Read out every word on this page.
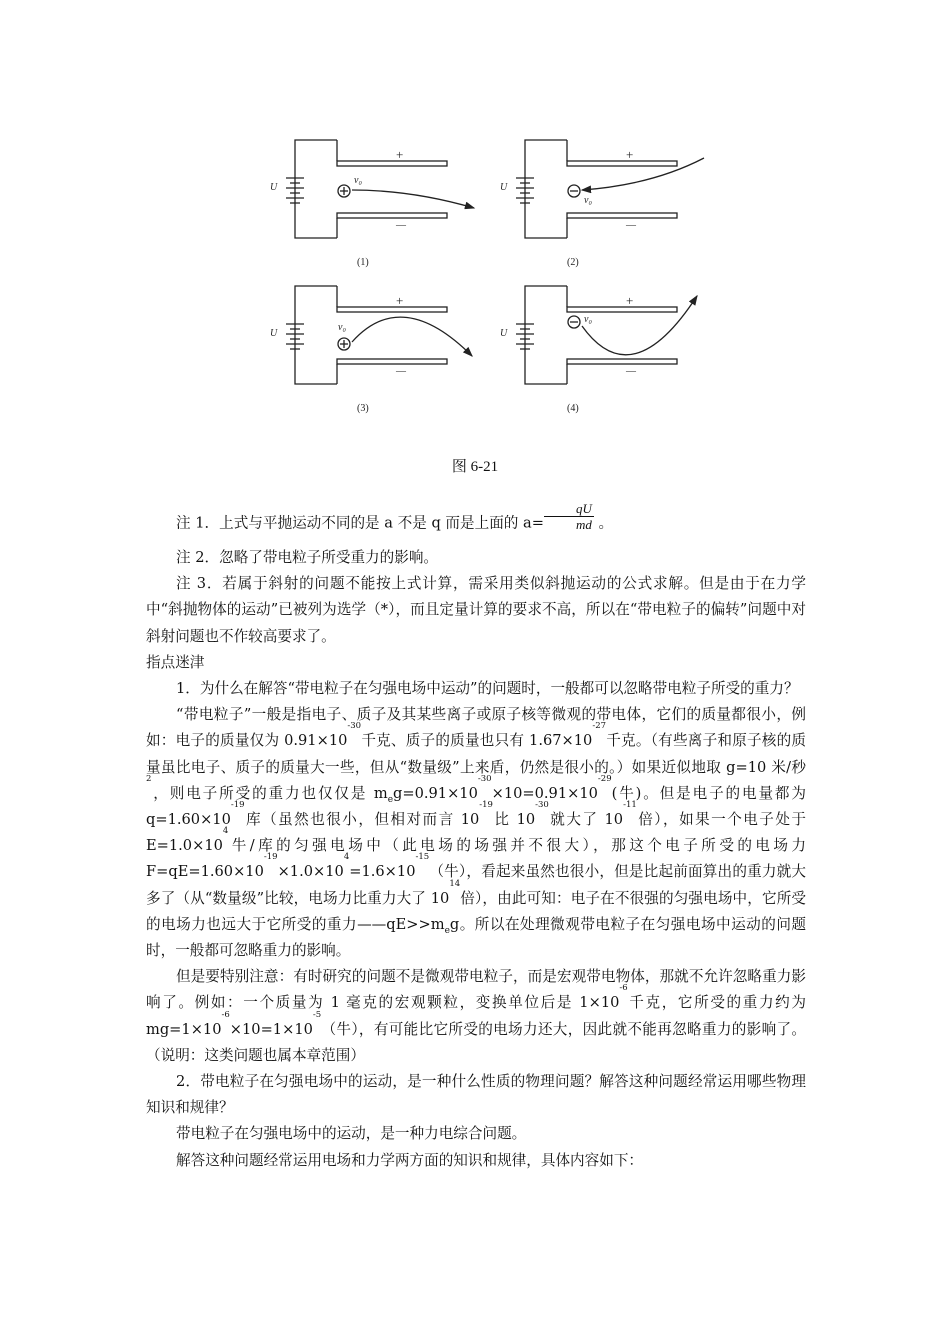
U	U
U	U
+	+
+	+
—	—
—	—
v₀
v₀
v₀
v₀
(1)	(2)
(3)	(4)
图 6-21

注 1．上式与平抛运动不同的是 a 不是 q 而是上面的 $a= \frac{qU}{md}$ 。

注 2．忽略了带电粒子所受重力的影响。

注 3．若属于斜射的问题不能按上式计算，需采用类似斜抛运动的公式求解。但是由于在力学中“斜抛物体的运动”已被列为选学（*），而且定量计算的要求不高，所以在“带电粒子的偏转”问题中对斜射问题也不作较高要求了。

指点迷津

1．为什么在解答“带电粒子在匀强电场中运动”的问题时，一般都可以忽略带电粒子所受的重力？

“带电粒子”一般是指电子、质子及其某些离子或原子核等微观的带电体，它们的质量都很小，例如：电子的质量仅为 $0.91\times 10^{-30}$千克、质子的质量也只有 $1.67\times 10^{-27}$千克。（有些离子和原子核的质量虽比电子、质子的质量大一些，但从“数量级”上来盾，仍然是很小的。）如果近似地取 g=10 米/秒$^2$，则电子所受的重力也仅仅是 $m_eg=0.91\times 10^{-30}\times 10=0.91\times 10^{-29}$(牛)。但是电子的电量都为 $q=1.60\times 10^{-19}$库（虽然也很小，但相对而言 $10^{-19}$比 $10^{-30}$就大了 $10^{-11}$倍），如果一个电子处于 $E=1.0\times 10^4$牛/库的匀强电场中（此电场的场强并不很大），那这个电子所受的电场力 $F=qE=1.60\times 10^{-19}\times 1.0\times 10^4=1.6\times 10^{-15}$（牛），看起来虽然也很小，但是比起前面算出的重力就大多了（从“数量级”比较，电场力比重力大了 $10^{14}$倍），由此可知：电子在不很强的匀强电场中，它所受的电场力也远大于它所受的重力$——qE>>m_eg$。所以在处理微观带电粒子在匀强电场中运动的问题时，一般都可忽略重力的影响。

但是要特别注意：有时研究的问题不是微观带电粒子，而是宏观带电物体，那就不允许忽略重力影响了。例如：一个质量为 1 毫克的宏观颗粒，变换单位后是 $1\times 10^{-6}$千克，它所受的重力约为 $mg=1\times 10^{-6}\times 10=1\times 10^{-5}$（牛），有可能比它所受的电场力还大，因此就不能再忽略重力的影响了。（说明：这类问题也属本章范围）

2．带电粒子在匀强电场中的运动，是一种什么性质的物理问题？解答这种问题经常运用哪些物理知识和规律？

带电粒子在匀强电场中的运动，是一种力电综合问题。

解答这种问题经常运用电场和力学两方面的知识和规律，具体内容如下：
